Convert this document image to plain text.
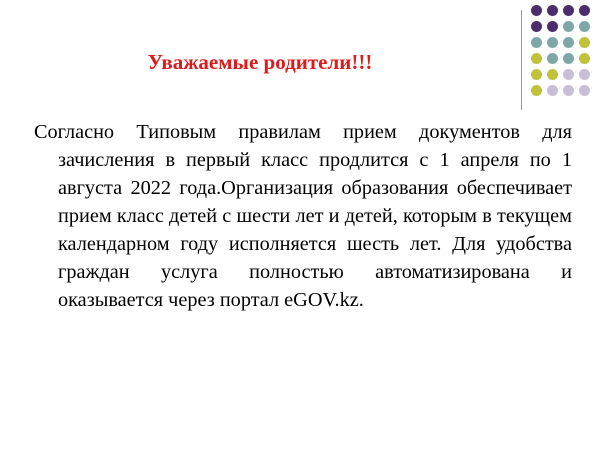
Уважаемые родители!!!

Согласно Типовым правилам прием документов для зачисления в первый класс продлится с 1 апреля по 1 августа 2022 года.Организация образования обеспечивает прием класс детей с шести лет и детей, которым в текущем календарном году исполняется шесть лет. Для удобства граждан услуга полностью автоматизирована и оказывается через портал eGOV.kz.
